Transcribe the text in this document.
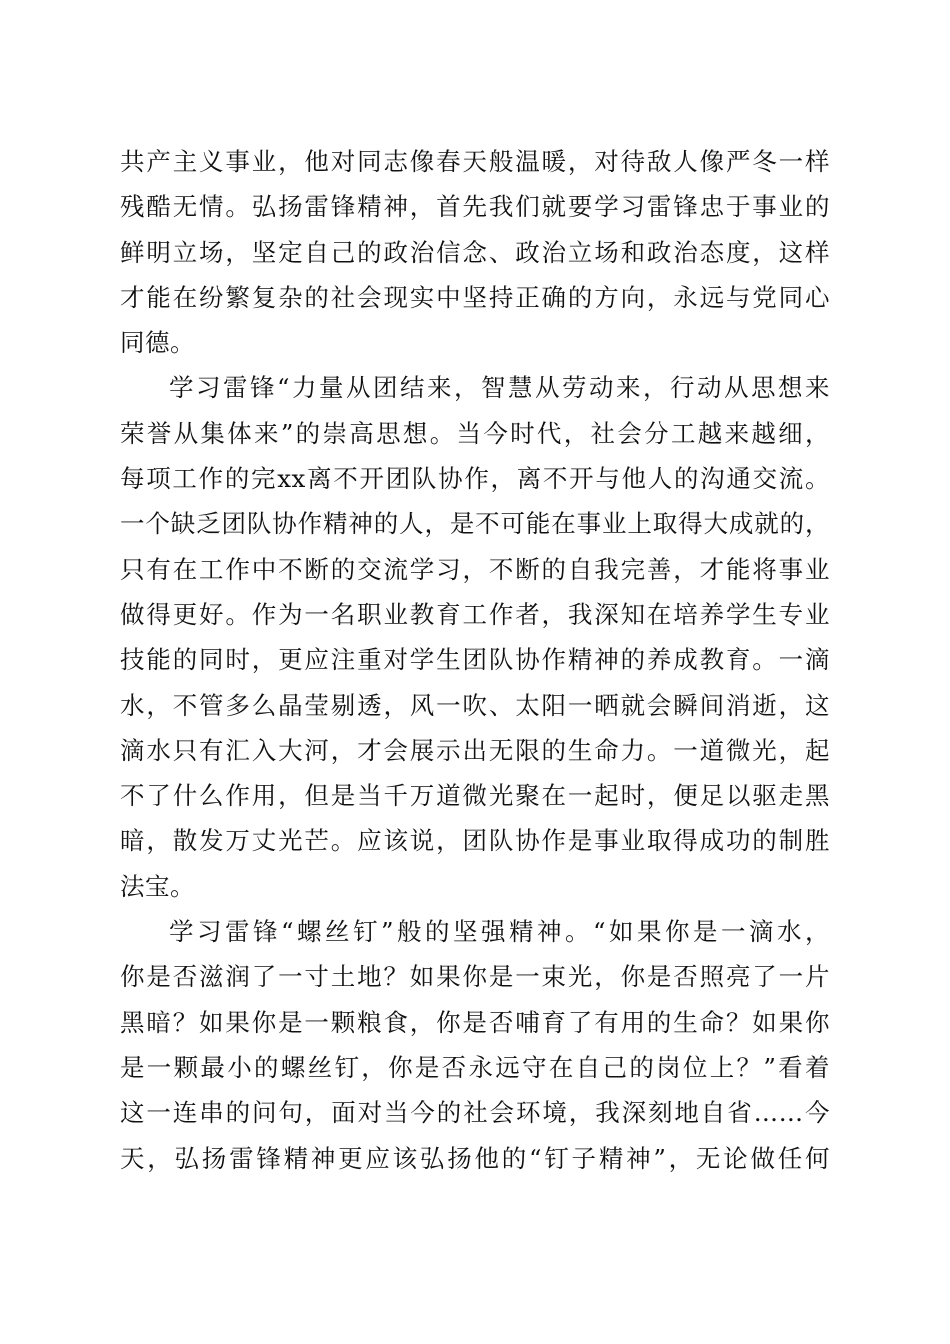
共产主义事业，他对同志像春天般温暖，对待敌人像严冬一样
残酷无情。弘扬雷锋精神，首先我们就要学习雷锋忠于事业的
鲜明立场，坚定自己的政治信念、政治立场和政治态度，这样
才能在纷繁复杂的社会现实中坚持正确的方向，永远与党同心
同德。
学习雷锋“力量从团结来，智慧从劳动来，行动从思想来
荣誉从集体来”的崇高思想。当今时代，社会分工越来越细，
每项工作的完xx离不开团队协作，离不开与他人的沟通交流。
一个缺乏团队协作精神的人，是不可能在事业上取得大成就的，
只有在工作中不断的交流学习，不断的自我完善，才能将事业
做得更好。作为一名职业教育工作者，我深知在培养学生专业
技能的同时，更应注重对学生团队协作精神的养成教育。一滴
水，不管多么晶莹剔透，风一吹、太阳一晒就会瞬间消逝，这
滴水只有汇入大河，才会展示出无限的生命力。一道微光，起
不了什么作用，但是当千万道微光聚在一起时，便足以驱走黑
暗，散发万丈光芒。应该说，团队协作是事业取得成功的制胜
法宝。
学习雷锋“螺丝钉”般的坚强精神。“如果你是一滴水，
你是否滋润了一寸土地？如果你是一束光，你是否照亮了一片
黑暗？如果你是一颗粮食，你是否哺育了有用的生命？如果你
是一颗最小的螺丝钉，你是否永远守在自己的岗位上？”看着
这一连串的问句，面对当今的社会环境，我深刻地自省……今
天，弘扬雷锋精神更应该弘扬他的“钉子精神”，无论做任何
